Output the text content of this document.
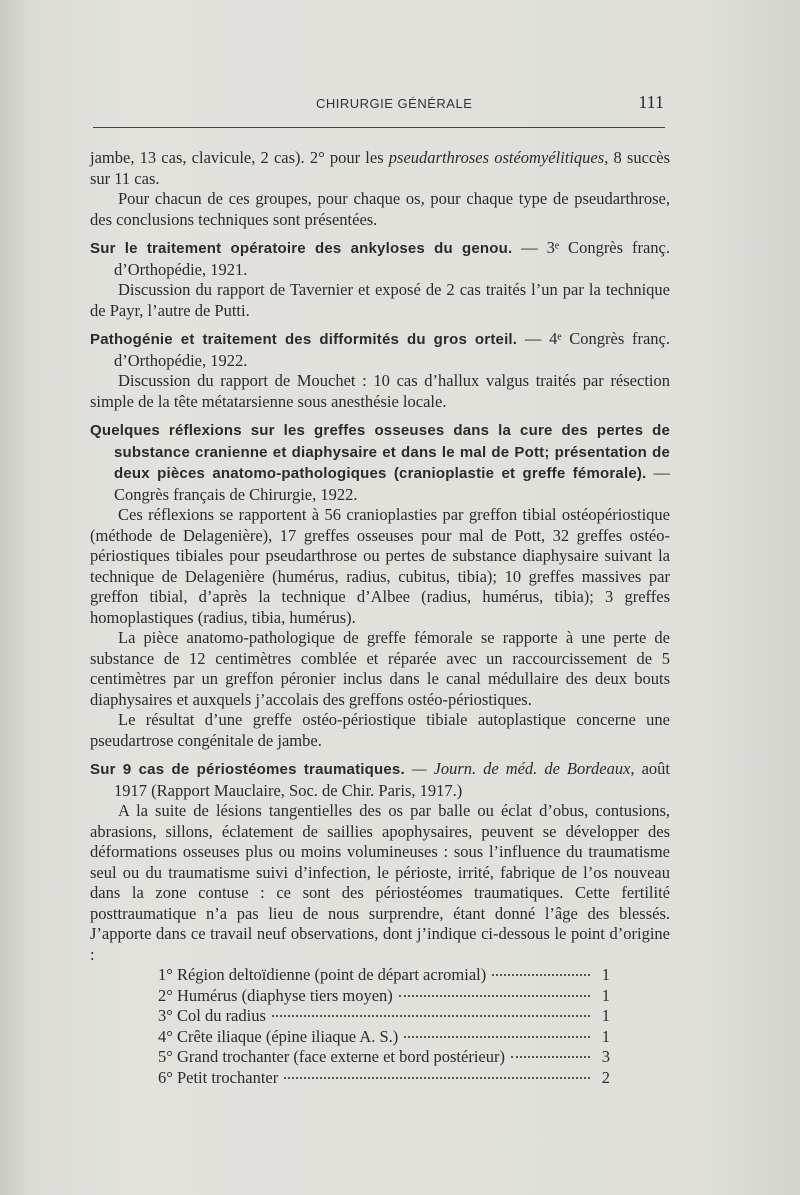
CHIRURGIE GÉNÉRALE	111

jambe, 13 cas, clavicule, 2 cas). 2° pour les pseudarthroses ostéomyélitiques, 8 succès sur 11 cas.

Pour chacun de ces groupes, pour chaque os, pour chaque type de pseudarthrose, des conclusions techniques sont présentées.

Sur le traitement opératoire des ankyloses du genou. — 3ᵉ Congrès franç. d’Orthopédie, 1921.

Discussion du rapport de Tavernier et exposé de 2 cas traités l’un par la technique de Payr, l’autre de Putti.

Pathogénie et traitement des difformités du gros orteil. — 4ᵉ Congrès franç. d’Orthopédie, 1922.

Discussion du rapport de Mouchet : 10 cas d’hallux valgus traités par résection simple de la tête métatarsienne sous anesthésie locale.

Quelques réflexions sur les greffes osseuses dans la cure des pertes de substance cranienne et diaphysaire et dans le mal de Pott; présentation de deux pièces anatomo-pathologiques (cranioplastie et greffe fémorale). — Congrès français de Chirurgie, 1922.

Ces réflexions se rapportent à 56 cranioplasties par greffon tibial ostéopériostique (méthode de Delagenière), 17 greffes osseuses pour mal de Pott, 32 greffes ostéo-périostiques tibiales pour pseudarthrose ou pertes de substance diaphysaire suivant la technique de Delagenière (humérus, radius, cubitus, tibia); 10 greffes massives par greffon tibial, d’après la technique d’Albee (radius, humérus, tibia); 3 greffes homoplastiques (radius, tibia, humérus).

La pièce anatomo-pathologique de greffe fémorale se rapporte à une perte de substance de 12 centimètres comblée et réparée avec un raccourcissement de 5 centimètres par un greffon péronier inclus dans le canal médullaire des deux bouts diaphysaires et auxquels j’accolais des greffons ostéo-périostiques.

Le résultat d’une greffe ostéo-périostique tibiale autoplastique concerne une pseudartrose congénitale de jambe.

Sur 9 cas de périostéomes traumatiques. — Journ. de méd. de Bordeaux, août 1917 (Rapport Mauclaire, Soc. de Chir. Paris, 1917.)

A la suite de lésions tangentielles des os par balle ou éclat d’obus, contusions, abrasions, sillons, éclatement de saillies apophysaires, peuvent se développer des déformations osseuses plus ou moins volumineuses : sous l’influence du traumatisme seul ou du traumatisme suivi d’infection, le périoste, irrité, fabrique de l’os nouveau dans la zone contuse : ce sont des périostéomes traumatiques. Cette fertilité posttraumatique n’a pas lieu de nous surprendre, étant donné l’âge des blessés. J’apporte dans ce travail neuf observations, dont j’indique ci-dessous le point d’origine :

1° Région deltoïdienne (point de départ acromial)	1
2° Humérus (diaphyse tiers moyen)	1
3° Col du radius	1
4° Crête iliaque (épine iliaque A. S.)	1
5° Grand trochanter (face externe et bord postérieur)	3
6° Petit trochanter	2
